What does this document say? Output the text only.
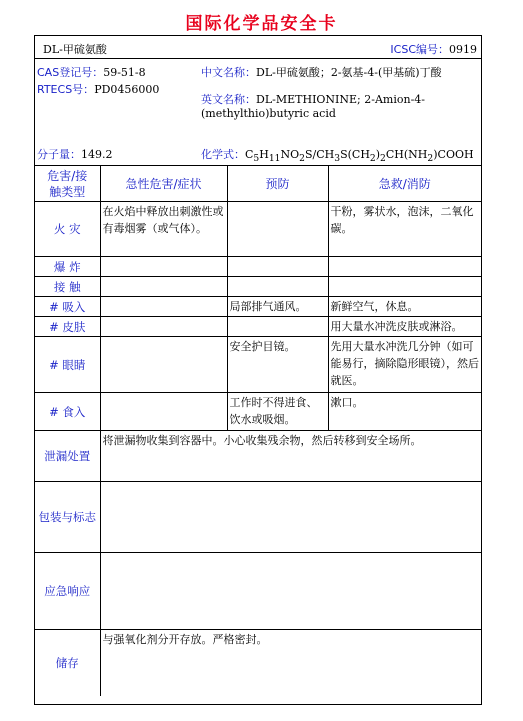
国际化学品安全卡
DL-甲硫氨酸	ICSC编号：0919
CAS登记号：59-51-8
RTECS号：PD0456000
中文名称：DL-甲硫氨酸；2-氨基-4-(甲基硫)丁酸
英文名称：DL-METHIONINE; 2-Amion-4-
(methylthio)butyric acid
分子量：149.2	化学式：$C_5H_{11}NO_2S/CH_3S(CH_2)_2CH(NH_2)COOH$
危害/接触类型	急性危害/症状	预防	急救/消防
火 灾	在火焰中释放出刺激性或有毒烟雾（或气体）。		干粉，雾状水，泡沫，二氧化碳。

爆 炸	

接 触	

# 吸入		局部排气通风。	新鲜空气，休息。

# 皮肤			用大量水冲洗皮肤或淋浴。

# 眼睛		安全护目镜。	先用大量水冲洗几分钟（如可能易行，摘除隐形眼镜），然后就医。

# 食入		工作时不得进食、饮水或吸烟。	漱口。

泄漏处置	将泄漏物收集到容器中。小心收集残余物，然后转移到安全场所。		

包装与标志			

应急响应			

储存	与强氧化剂分开存放。严格密封。		
